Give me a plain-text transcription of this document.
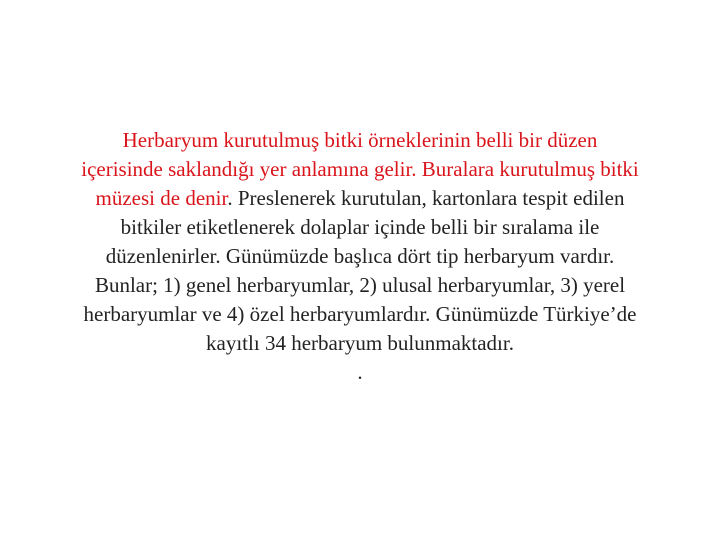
Herbaryum kurutulmuş bitki örneklerinin belli bir düzen içerisinde saklandığı yer anlamına gelir. Buralara kurutulmuş bitki müzesi de denir. Preslenerek kurutulan, kartonlara tespit edilen bitkiler etiketlenerek dolaplar içinde belli bir sıralama ile düzenlenirler. Günümüzde başlıca dört tip herbaryum vardır. Bunlar; 1) genel herbaryumlar, 2) ulusal herbaryumlar, 3) yerel herbaryumlar ve 4) özel herbaryumlardır. Günümüzde Türkiye’de kayıtlı 34 herbaryum bulunmaktadır.
.
